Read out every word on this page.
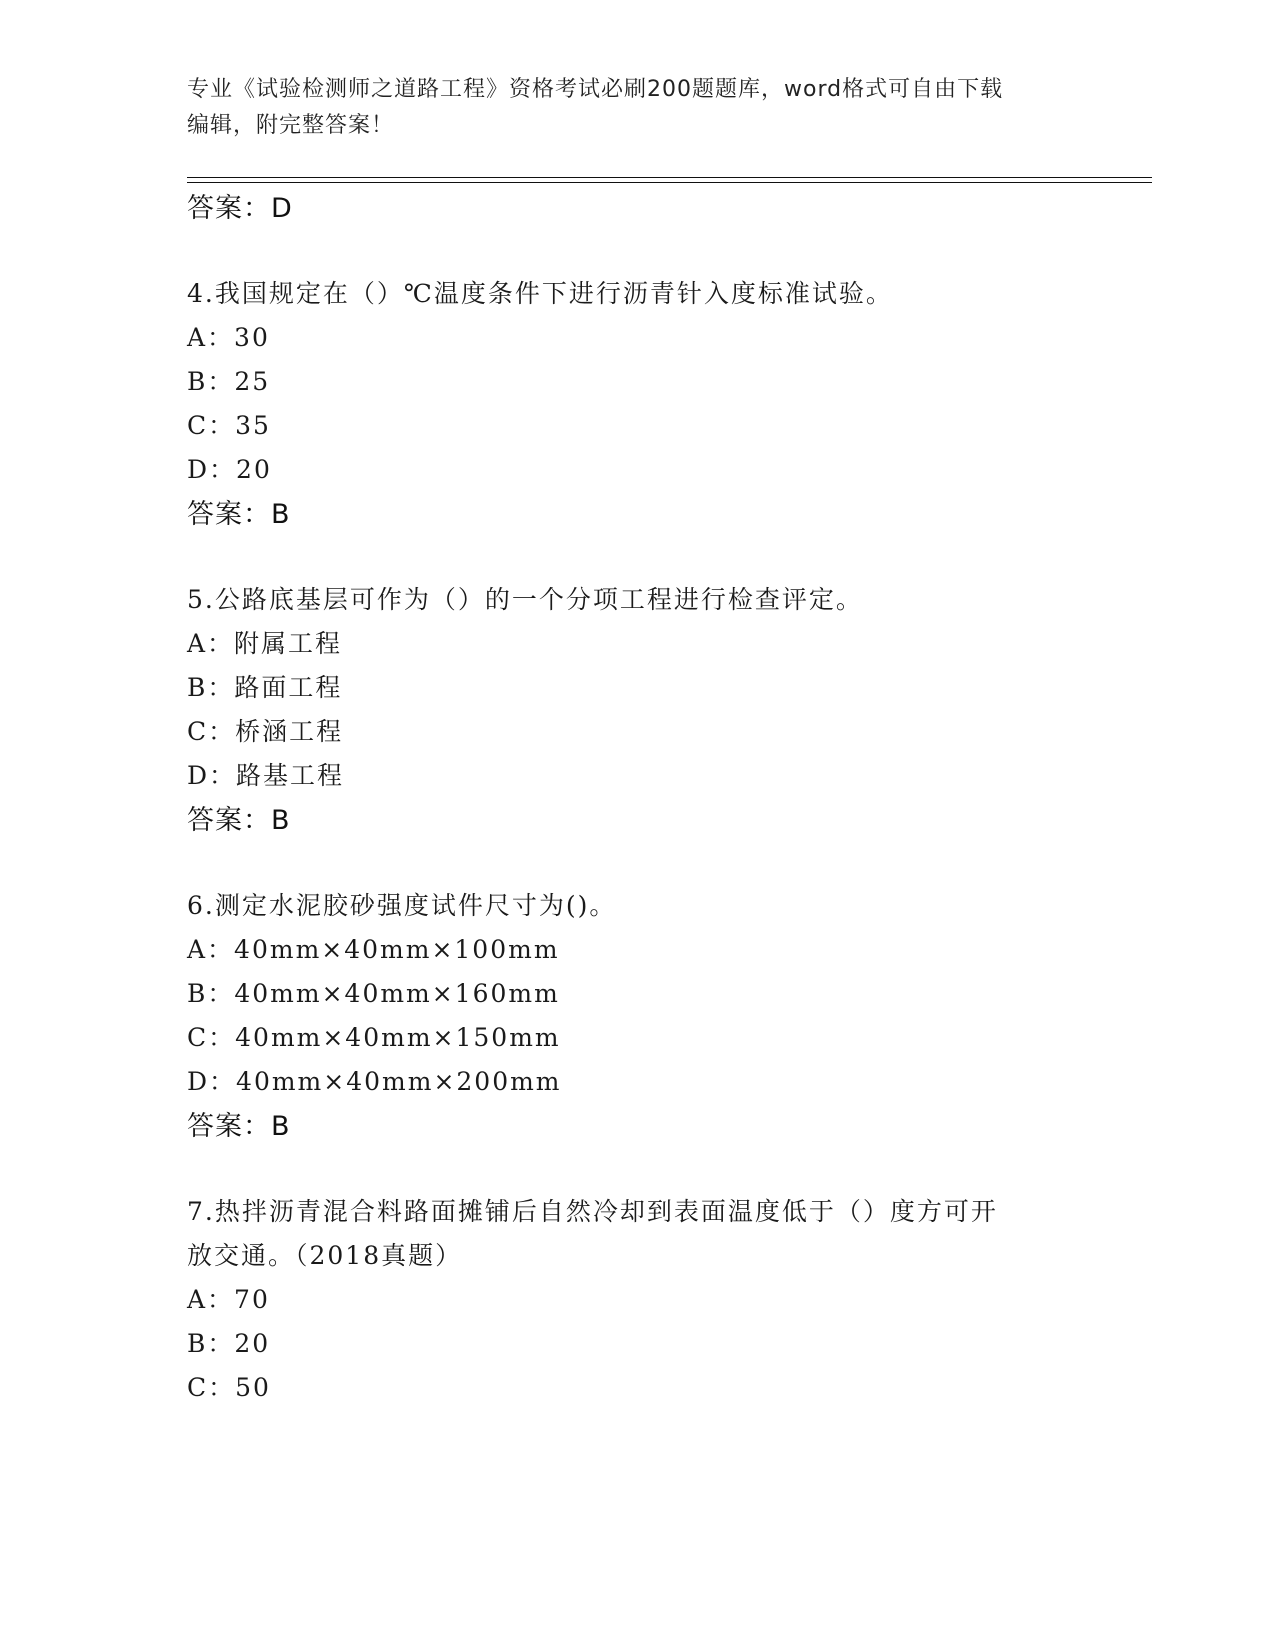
专业《试验检测师之道路工程》资格考试必刷200题题库，word格式可自由下载
编辑，附完整答案！
答案：D
4.我国规定在（）℃温度条件下进行沥青针入度标准试验。
A：30
B：25
C：35
D：20
答案：B
5.公路底基层可作为（）的一个分项工程进行检查评定。
A：附属工程
B：路面工程
C：桥涵工程
D：路基工程
答案：B
6.测定水泥胶砂强度试件尺寸为()。
A：40mm×40mm×100mm
B：40mm×40mm×160mm
C：40mm×40mm×150mm
D：40mm×40mm×200mm
答案：B
7.热拌沥青混合料路面摊铺后自然冷却到表面温度低于（）度方可开
放交通。（2018真题）
A：70
B：20
C：50
